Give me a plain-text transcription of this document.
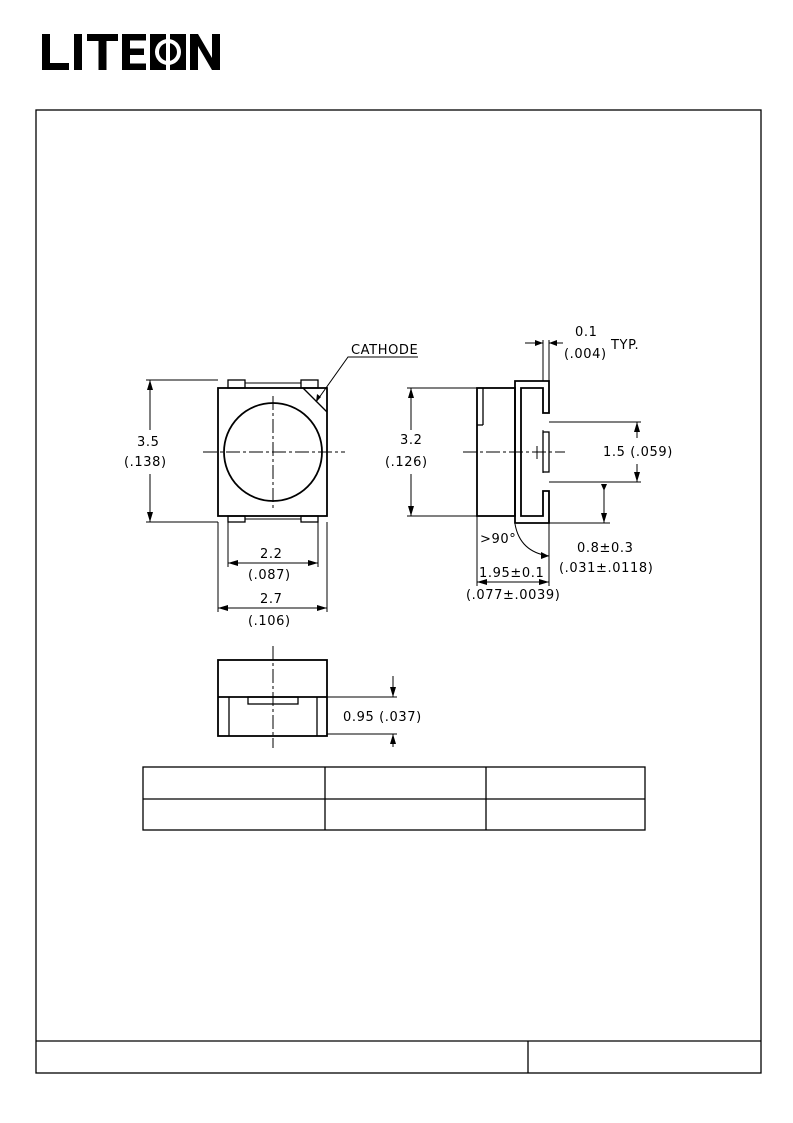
CATHODE
3.5
(.138)
2.2
(.087)
2.7
(.106)
0.1
(.004)
TYP.
3.2
(.126)
1.5 (.059)
0.8±0.3
(.031±.0118)
>90°
1.95±0.1
(.077±.0039)
0.95 (.037)
